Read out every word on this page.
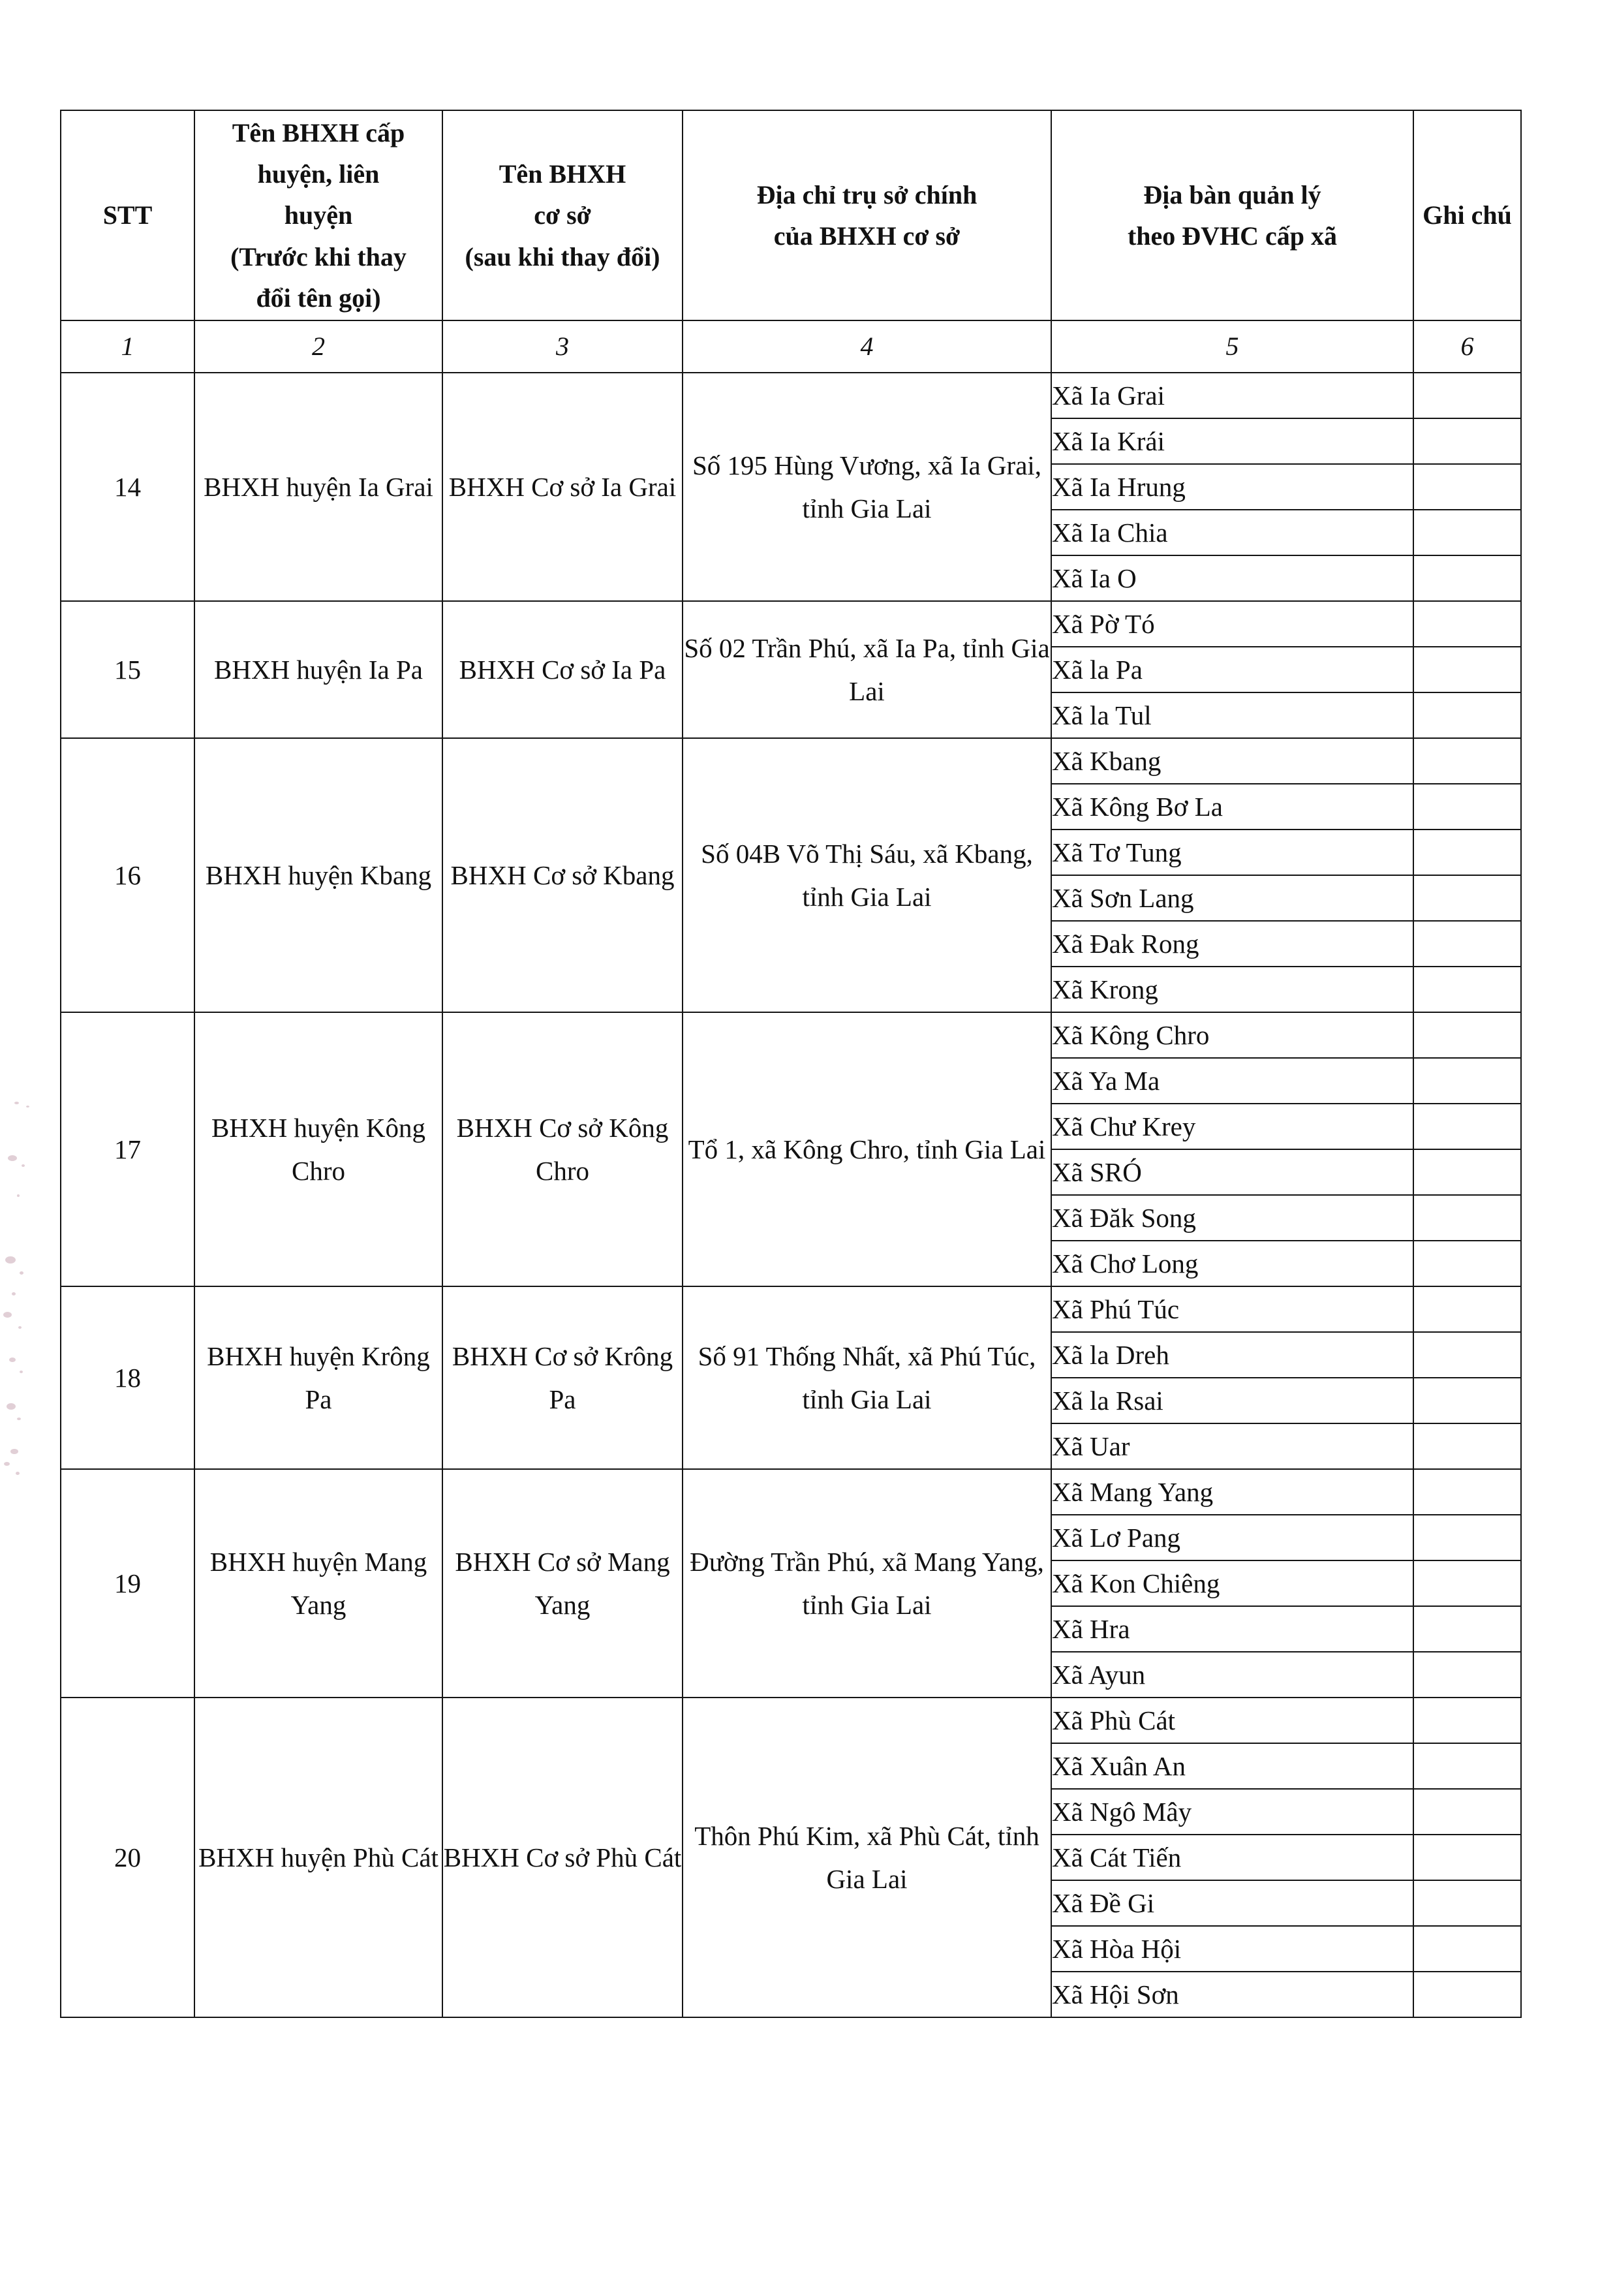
STT	Tên BHXH cấp
huyện, liên
huyện
(Trước khi thay
đổi tên gọi)	Tên BHXH
cơ sở
(sau khi thay đổi)	Địa chỉ trụ sở chính
của BHXH cơ sở	Địa bàn quản lý
theo ĐVHC cấp xã	Ghi chú

1	2	3	4	5	6
14	BHXH huyện Ia Grai	BHXH Cơ sở Ia Grai	Số 195 Hùng Vương, xã Ia Grai, tỉnh Gia Lai	Xã Ia Grai	
				Xã Ia Krái	
				Xã Ia Hrung	
				Xã Ia Chia	
				Xã Ia O	
15	BHXH huyện Ia Pa	BHXH Cơ sở Ia Pa	Số 02 Trần Phú, xã Ia Pa, tỉnh Gia Lai	Xã Pờ Tó	
				Xã la Pa	
				Xã la Tul	
16	BHXH huyện Kbang	BHXH Cơ sở Kbang	Số 04B Võ Thị Sáu, xã Kbang, tỉnh Gia Lai	Xã Kbang	
				Xã Kông Bơ La	
				Xã Tơ Tung	
				Xã Sơn Lang	
				Xã Đak Rong	
				Xã Krong	
17	BHXH huyện Kông Chro	BHXH Cơ sở Kông Chro	Tổ 1, xã Kông Chro, tỉnh Gia Lai	Xã Kông Chro	
				Xã Ya Ma	
				Xã Chư Krey	
				Xã SRÓ	
				Xã Đăk Song	
				Xã Chơ Long	
18	BHXH huyện Krông Pa	BHXH Cơ sở Krông Pa	Số 91 Thống Nhất, xã Phú Túc, tỉnh Gia Lai	Xã Phú Túc	
				Xã la Dreh	
				Xã la Rsai	
				Xã Uar	
19	BHXH huyện Mang Yang	BHXH Cơ sở Mang Yang	Đường Trần Phú, xã Mang Yang, tỉnh Gia Lai	Xã Mang Yang	
				Xã Lơ Pang	
				Xã Kon Chiêng	
				Xã Hra	
				Xã Ayun	
20	BHXH huyện Phù Cát	BHXH Cơ sở Phù Cát	Thôn Phú Kim, xã Phù Cát, tỉnh Gia Lai	Xã Phù Cát	
				Xã Xuân An	
				Xã Ngô Mây	
				Xã Cát Tiến	
				Xã Đề Gi	
				Xã Hòa Hội	
				Xã Hội Sơn	
